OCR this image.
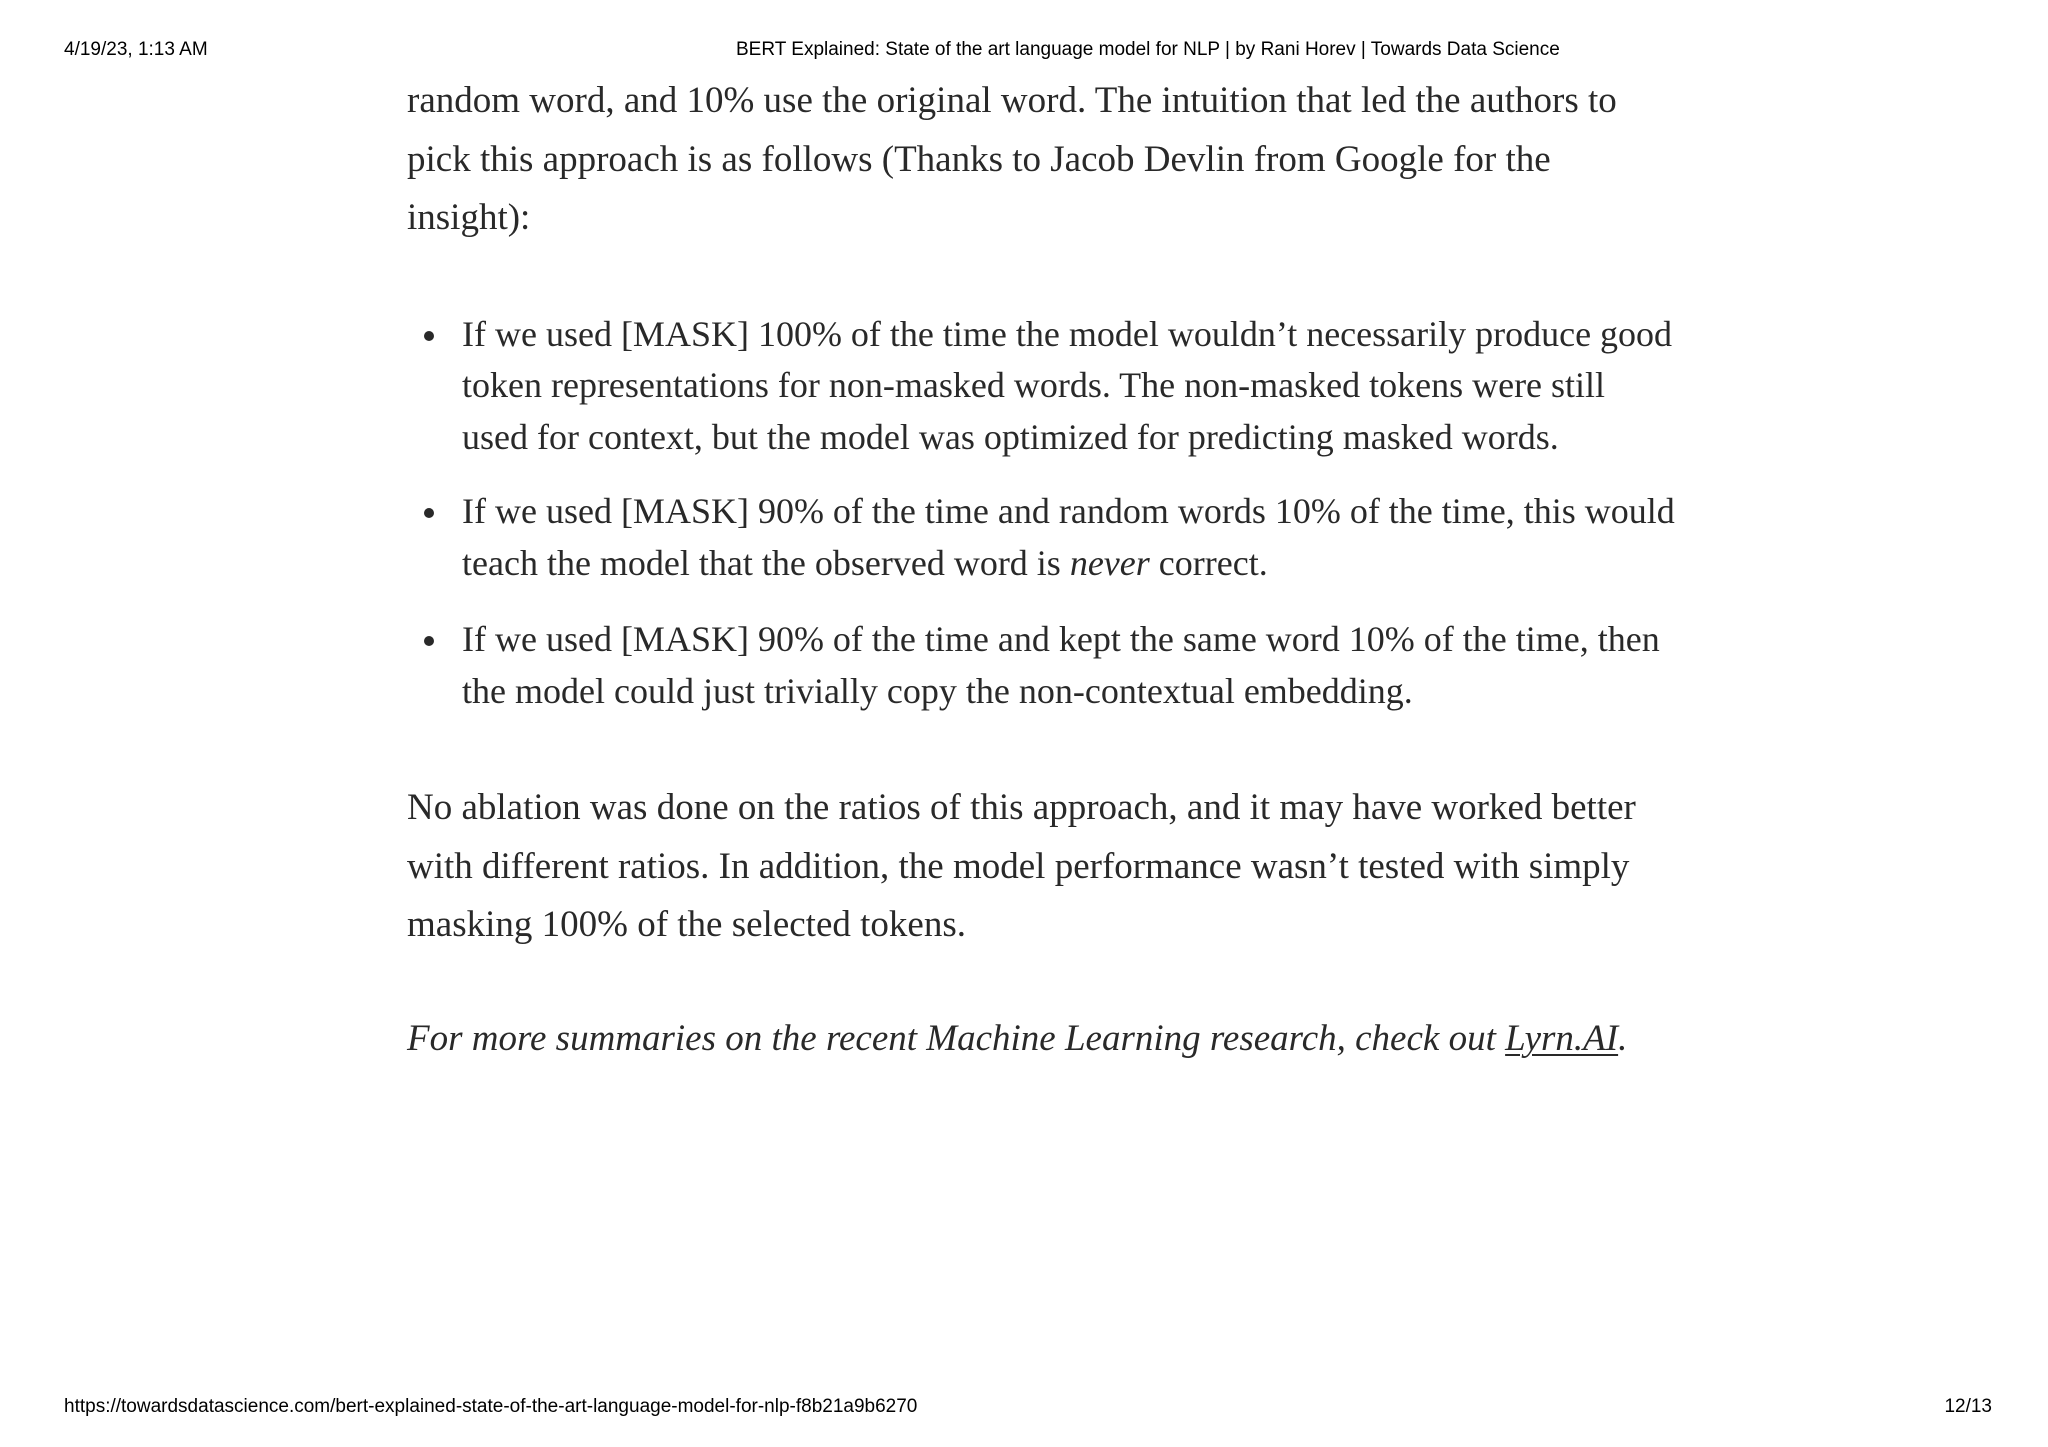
4/19/23, 1:13 AM	BERT Explained: State of the art language model for NLP | by Rani Horev | Towards Data Science

random word, and 10% use the original word. The intuition that led the authors to pick this approach is as follows (Thanks to Jacob Devlin from Google for the insight):

If we used [MASK] 100% of the time the model wouldn’t necessarily produce good token representations for non-masked words. The non-masked tokens were still used for context, but the model was optimized for predicting masked words.
If we used [MASK] 90% of the time and random words 10% of the time, this would teach the model that the observed word is never correct.
If we used [MASK] 90% of the time and kept the same word 10% of the time, then the model could just trivially copy the non-contextual embedding.

No ablation was done on the ratios of this approach, and it may have worked better with different ratios. In addition, the model performance wasn’t tested with simply masking 100% of the selected tokens.

For more summaries on the recent Machine Learning research, check out Lyrn.AI.

https://towardsdatascience.com/bert-explained-state-of-the-art-language-model-for-nlp-f8b21a9b6270	12/13
